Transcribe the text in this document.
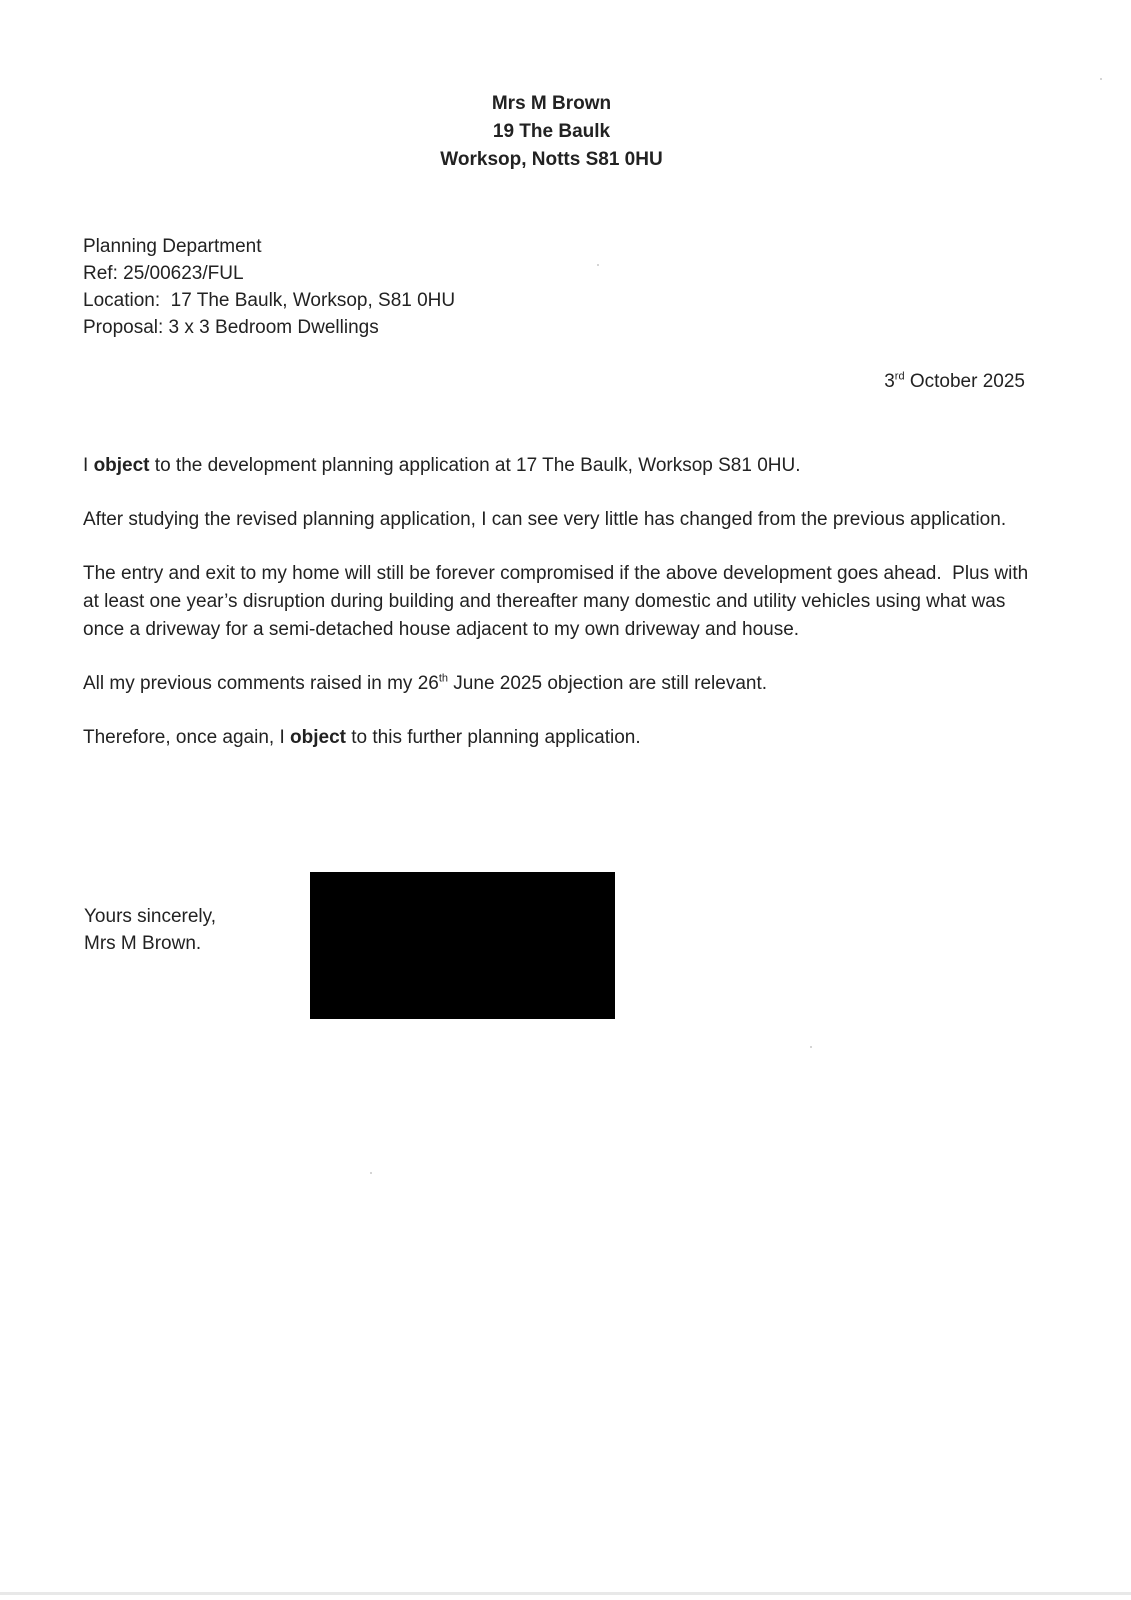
Mrs M Brown
19 The Baulk
Worksop, Notts S81 0HU
Planning Department
Ref: 25/00623/FUL
Location:  17 The Baulk, Worksop, S81 0HU
Proposal: 3 x 3 Bedroom Dwellings
3rd October 2025

I object to the development planning application at 17 The Baulk, Worksop S81 0HU.

After studying the revised planning application, I can see very little has changed from the previous application.

The entry and exit to my home will still be forever compromised if the above development goes ahead.  Plus with at least one year’s disruption during building and thereafter many domestic and utility vehicles using what was once a driveway for a semi-detached house adjacent to my own driveway and house.

All my previous comments raised in my 26th June 2025 objection are still relevant.

Therefore, once again, I object to this further planning application.

Yours sincerely,
Mrs M Brown.
